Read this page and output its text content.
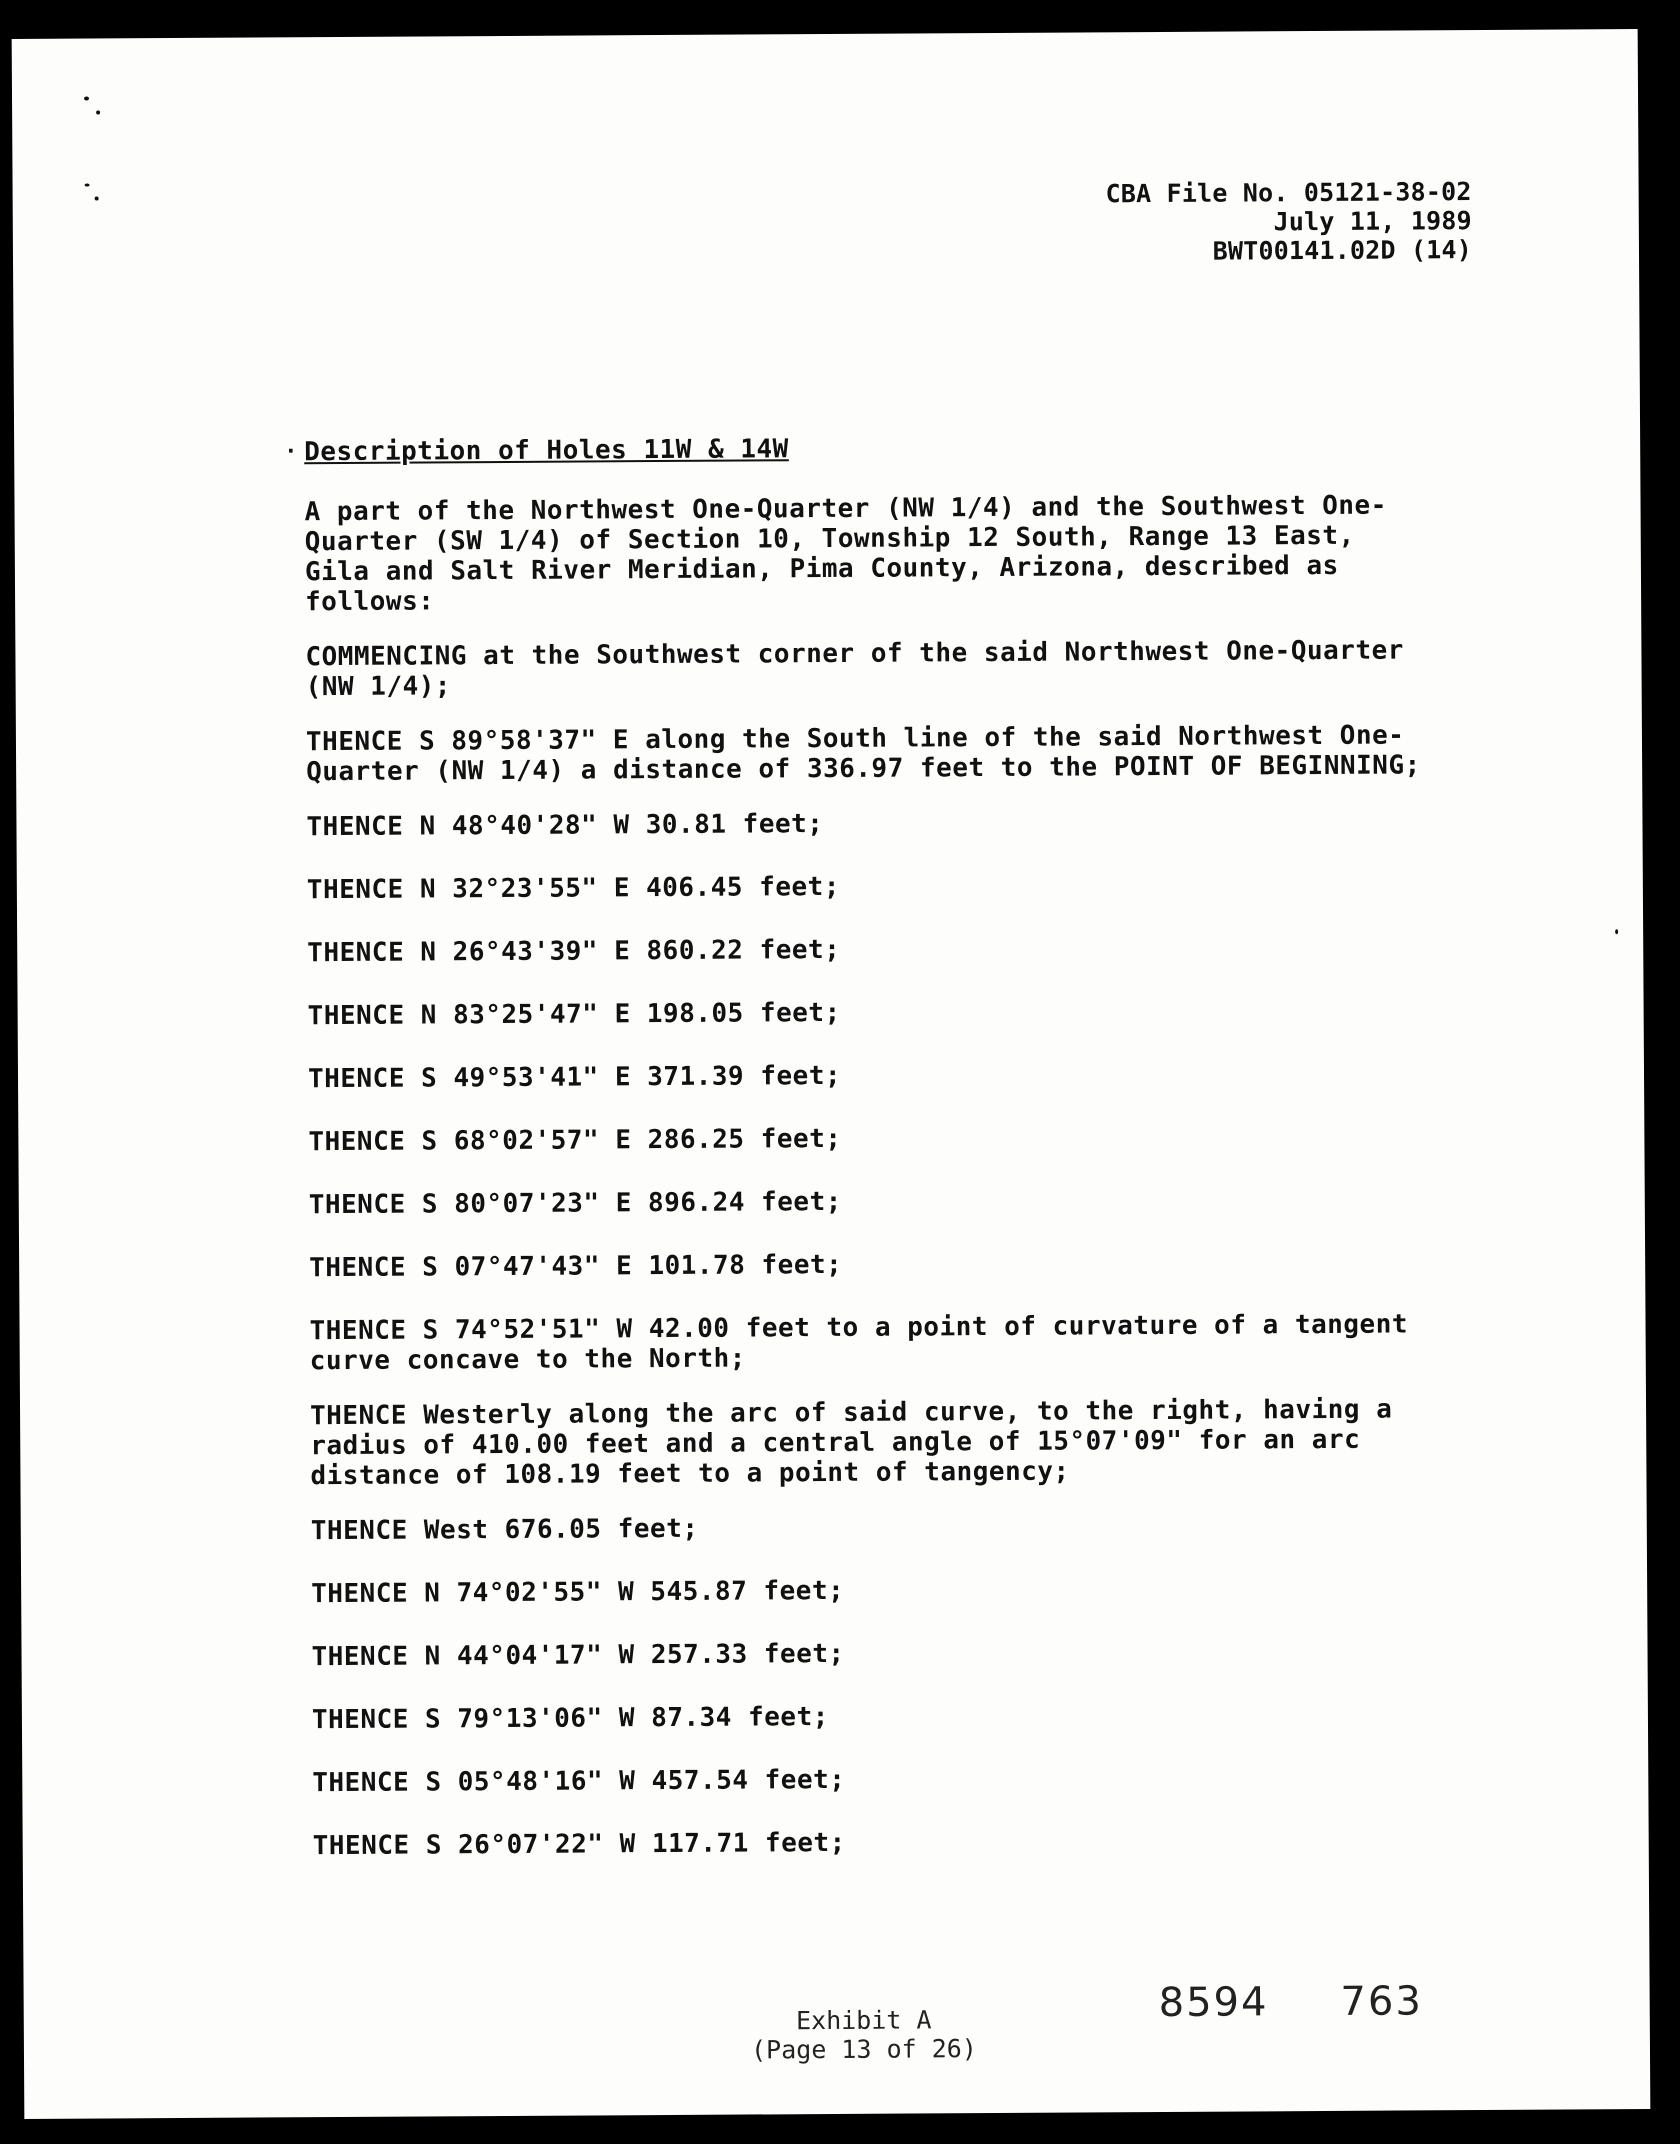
CBA File No. 05121-38-02
July 11, 1989
BWT00141.02D (14)
· Description of Holes 11W & 14W
A part of the Northwest One-Quarter (NW 1/4) and the Southwest One-
Quarter (SW 1/4) of Section 10, Township 12 South, Range 13 East,
Gila and Salt River Meridian, Pima County, Arizona, described as
follows:
COMMENCING at the Southwest corner of the said Northwest One-Quarter
(NW 1/4);
THENCE S 89°58'37" E along the South line of the said Northwest One-
Quarter (NW 1/4) a distance of 336.97 feet to the POINT OF BEGINNING;
THENCE N 48°40'28" W 30.81 feet;
THENCE N 32°23'55" E 406.45 feet;
THENCE N 26°43'39" E 860.22 feet;
THENCE N 83°25'47" E 198.05 feet;
THENCE S 49°53'41" E 371.39 feet;
THENCE S 68°02'57" E 286.25 feet;
THENCE S 80°07'23" E 896.24 feet;
THENCE S 07°47'43" E 101.78 feet;
THENCE S 74°52'51" W 42.00 feet to a point of curvature of a tangent
curve concave to the North;
THENCE Westerly along the arc of said curve, to the right, having a
radius of 410.00 feet and a central angle of 15°07'09" for an arc
distance of 108.19 feet to a point of tangency;
THENCE West 676.05 feet;
THENCE N 74°02'55" W 545.87 feet;
THENCE N 44°04'17" W 257.33 feet;
THENCE S 79°13'06" W 87.34 feet;
THENCE S 05°48'16" W 457.54 feet;
THENCE S 26°07'22" W 117.71 feet;
Exhibit A
(Page 13 of 26)
8594 763
